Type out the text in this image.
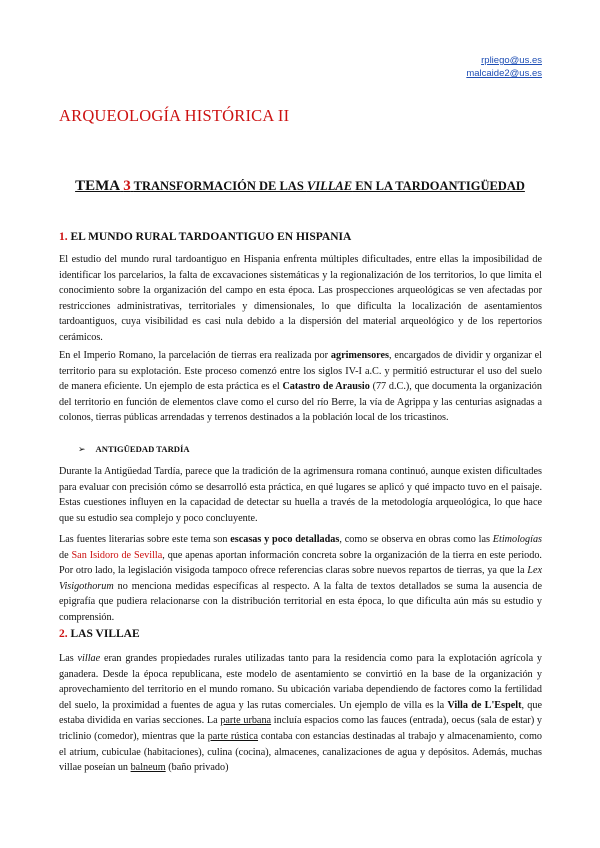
rpliego@us.es
malcaide2@us.es
ARQUEOLOGÍA HISTÓRICA II
TEMA 3 TRANSFORMACIÓN DE LAS VILLAE EN LA TARDOANTIGÜEDAD
1. EL MUNDO RURAL TARDOANTIGUO EN HISPANIA

El estudio del mundo rural tardoantiguo en Hispania enfrenta múltiples dificultades, entre ellas la imposibilidad de identificar los parcelarios, la falta de excavaciones sistemáticas y la regionalización de los territorios, lo que limita el conocimiento sobre la organización del campo en esta época. Las prospecciones arqueológicas se ven afectadas por restricciones administrativas, territoriales y dimensionales, lo que dificulta la localización de asentamientos tardoantiguos, cuya visibilidad es casi nula debido a la dispersión del material arqueológico y de los repertorios cerámicos.

En el Imperio Romano, la parcelación de tierras era realizada por agrimensores, encargados de dividir y organizar el territorio para su explotación. Este proceso comenzó entre los siglos IV-I a.C. y permitió estructurar el uso del suelo de manera eficiente. Un ejemplo de esta práctica es el Catastro de Arausio (77 d.C.), que documenta la organización del territorio en función de elementos clave como el curso del río Berre, la vía de Agrippa y las centurias asignadas a colonos, tierras públicas arrendadas y terrenos destinados a la población local de los tricastinos.

➢ ANTIGÜEDAD TARDÍA

Durante la Antigüedad Tardía, parece que la tradición de la agrimensura romana continuó, aunque existen dificultades para evaluar con precisión cómo se desarrolló esta práctica, en qué lugares se aplicó y qué impacto tuvo en el paisaje. Estas cuestiones influyen en la capacidad de detectar su huella a través de la metodología arqueológica, lo que hace que su estudio sea complejo y poco concluyente.

Las fuentes literarias sobre este tema son escasas y poco detalladas, como se observa en obras como las Etimologías de San Isidoro de Sevilla, que apenas aportan información concreta sobre la organización de la tierra en este periodo. Por otro lado, la legislación visigoda tampoco ofrece referencias claras sobre nuevos repartos de tierras, ya que la Lex Visigothorum no menciona medidas específicas al respecto. A la falta de textos detallados se suma la ausencia de epigrafía que pudiera relacionarse con la distribución territorial en esta época, lo que dificulta aún más su estudio y comprensión.

2. LAS VILLAE

Las villae eran grandes propiedades rurales utilizadas tanto para la residencia como para la explotación agrícola y ganadera. Desde la época republicana, este modelo de asentamiento se convirtió en la base de la organización y aprovechamiento del territorio en el mundo romano. Su ubicación variaba dependiendo de factores como la fertilidad del suelo, la proximidad a fuentes de agua y las rutas comerciales. Un ejemplo de villa es la Villa de L'Espelt, que estaba dividida en varias secciones. La parte urbana incluía espacios como las fauces (entrada), oecus (sala de estar) y triclinio (comedor), mientras que la parte rústica contaba con estancias destinadas al trabajo y almacenamiento, como el atrium, cubiculae (habitaciones), culina (cocina), almacenes, canalizaciones de agua y depósitos. Además, muchas villae poseían un balneum (baño privado)
